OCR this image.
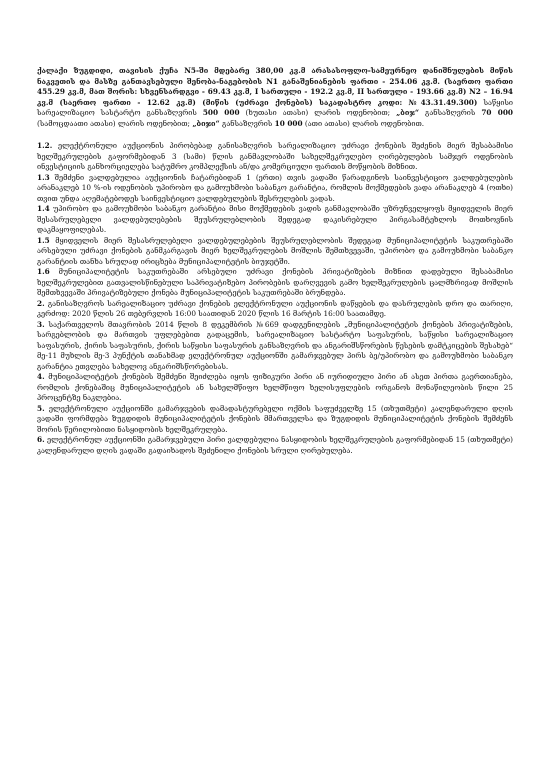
ქალაქი ზუგდიდი, თავისის ქუჩა N5-ში მდებარე 380,00 კვ.მ არასასოფლო-სამეურნეო დანიშნულების მიწის ნაკვეთის და მასზე განთავსებული შენობა-ნაგებობის N1 განაშენიანების ფართი - 254.06 კვ.მ. (საერთო ფართი 455.29 კვ.მ, მათ შორის: სხვენსარდგვი - 69.43 კვ.მ, I სართული - 192.2 კვ.მ, II სართული - 193.66 კვ.მ) N2 – 16.94 კვ.მ (საერთო ფართი - 12.62 კვ.მ) (მიწის (უძრავი ქონების) საკადასტრო კოდი: №43.31.49.300) საწყისი სარეალიზაციო სასტარტო განსაზღვრის 500 000 (ხუთასი ათასი) ლარის ოდენობით; „ბიჯ“ განსაზღვრის 70 000 (სამოცდაათი ათასი) ლარის ოდენობით; „ბიჯი“ განსაზღვრის 10 000 (ათი ათასი) ლარის ოდენობით.

1.2. ელექტრონული აუქციონის პირობებად განისაზღვრის სარეალიზაციო უძრავი ქონების შეძენის მიერ შესაბამისი ხელშეკრულების გაფორმებიდან 3 (სამი) წლის განმავლობაში სახელშეკრულებო ღირებულების სამჯერ ოდენობის ინვესტიციის განხორციელება სატუმრო კომპლექსის ან/და კომერციული ფართის მოწყობის მიზნით.

1.3 შემძენი ვალდებულია აუქციონის ჩატარებიდან 1 (ერთი) თვის ვადაში წარადგინოს საინვესტიციო ვალდებულების არანაკლებ 10 %-ის ოდენობის უპირობო და გამოუხმობი საბანკო გარანტია, რომლის მოქმედების ვადა არანაკლებ 4 (ოთხი) თვით უნდა აღემატებოდეს საინვესტიციო ვალდებულების შესრულების ვადას.

1.4 უპირობო და გამოუხმობი საბანკო გარანტია მისი მოქმედების ვადის განმავლობაში უზრუნველყოფს მყიდველის მიერ შესასრულებელი ვალდებულებების შეუსრულებლობის შედეგად დაკისრებული პირგასამტეხლოს მოთხოვნის დაკმაყოფილებას.

1.5 მყიდველის მიერ შესასრულებელი ვალდებულებების შეუსრულებლობის შედეგად მუნიციპალიტეტის საკუთრებაში არსებული უძრავი ქონების განმკარგავის მიერ ხელშეკრულების მოშლის შემთხვევაში, უპირობო და გამოუხმობი საბანკო გარანტიის თანხა სრულად ირიცხება მუნიციპალიტეტის ბიუჯეტში.

1.6 მუნიციპალიტეტის საკუთრებაში არსებული უძრავი ქონების პრივატიზების მიზნით დადებული შესაბამისი ხელშეკრულებით გათვალისწინებული საპრივატიზებო პირობების დარღვევის გამო ხელშეკრულების ცალმხრივად მოშლის შემთხვევაში პრივატიზებული ქონება მუნიციპალიტეტის საკუთრებაში ბრუნდება.

2. განისაზღვროს სარეალიზაციო უძრავი ქონების ელექტრონული აუქციონის დაწყების და დასრულების დრო და თარიღი, კერძოდ: 2020 წლის 26 თებერვლის 16:00 საათიდან 2020 წლის 16 მარტის 16:00 საათამდე.

3. საქართველოს მთავრობის 2014 წლის 8 დეკემბრის №669 დადგენილების „მუნიციპალიტეტის ქონების პრივატიზების, სარგებლობის და მართვის უფლებებით გადაცემის, სარეალიზაციო სასტარტო საფასურის, საწყისი სარეალიზაციო საფასურის, ქირის საფასურის, ქირის საწყისი საფასურის განსაზღვრის და ანგარიშსწორების წესების დამტკიცების შესახებ“ მე-11 მუხლის მე-3 პუნქტის თანახმად ელექტრონულ აუქციონში გამარჯვებულ პირს ბე/უპირობო და გამოუხმობი საბანკო გარანტია ეთვლება სახელოვ ანგარიშსწორებისას.

4. მუნიციპალიტეტის ქონების შემძენი შეიძლება იყოს ფიზიკური პირი ან იურიდიული პირი ან ასეთ პირთა გაერთიანება, რომლის ქონებაშიც მუნიციპალიტეტის ან სახელმწიფო ხელმწიფო ხელისუფლების ორგანოს მონაწილეობის წილი 25 პროცენტზე ნაკლებია.

5. ელექტრონული აუქციონში გამარჯვების დამადასტურებელი ოქმის საფუძველზე 15 (თხუთმეტი) კალენდარული დღის ვადაში ფორმდება ზუგდიდის მუნიციპალიტეტის ქონების მმართველსა და ზუგდიდის მუნიციპალიტეტის ქონების შემძენს შორის წერილობითი ნასყიდობის ხელშეკრულება.

6. ელექტრონულ აუქციონში გამარჯვებული პირი ვალდებულია ნასყიდობის ხელშეკრულების გაფორმებიდან 15 (თხუთმეტი) კალენდარული დღის ვადაში გადაიხადოს შეძენილი ქონების სრული ღირებულება.
